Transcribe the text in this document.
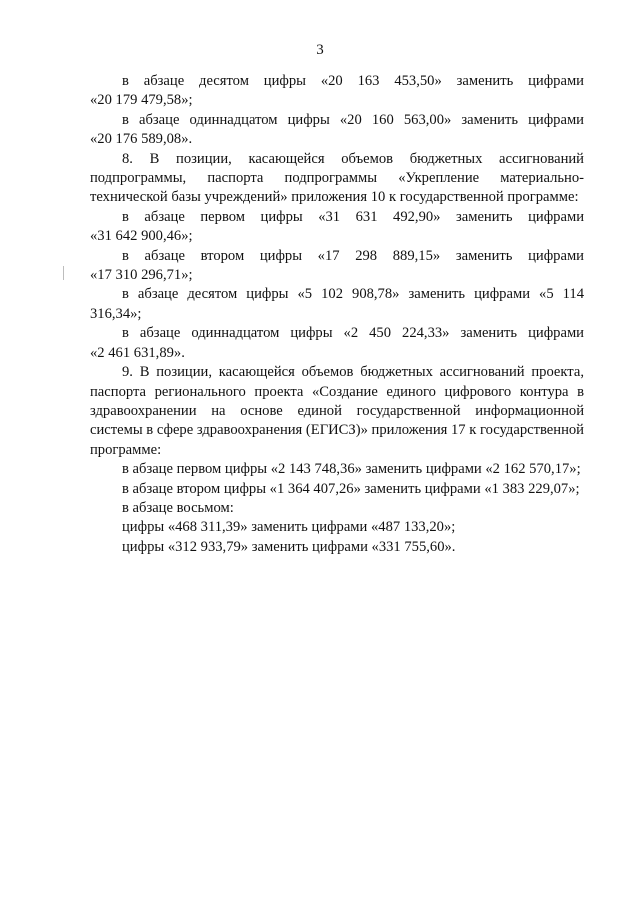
3

в абзаце десятом цифры «20 163 453,50» заменить цифрами
«20 179 479,58»;

в абзаце одиннадцатом цифры «20 160 563,00» заменить цифрами
«20 176 589,08».

8. В позиции, касающейся объемов бюджетных ассигнований
подпрограммы, паспорта подпрограммы «Укрепление материально-технической базы учреждений» приложения 10 к государственной программе:

в абзаце первом цифры «31 631 492,90» заменить цифрами
«31 642 900,46»;

в абзаце втором цифры «17 298 889,15» заменить цифрами
«17 310 296,71»;

в абзаце десятом цифры «5 102 908,78» заменить цифрами «5 114 316,34»;

в абзаце одиннадцатом цифры «2 450 224,33» заменить цифрами
«2 461 631,89».

9. В позиции, касающейся объемов бюджетных ассигнований проекта,
паспорта регионального проекта «Создание единого цифрового контура в здравоохранении на основе единой государственной информационной системы в сфере здравоохранения (ЕГИСЗ)» приложения 17 к государственной программе:

в абзаце первом цифры «2 143 748,36» заменить цифрами «2 162 570,17»;

в абзаце втором цифры «1 364 407,26» заменить цифрами «1 383 229,07»;

в абзаце восьмом:

цифры «468 311,39» заменить цифрами «487 133,20»;

цифры «312 933,79» заменить цифрами «331 755,60».
